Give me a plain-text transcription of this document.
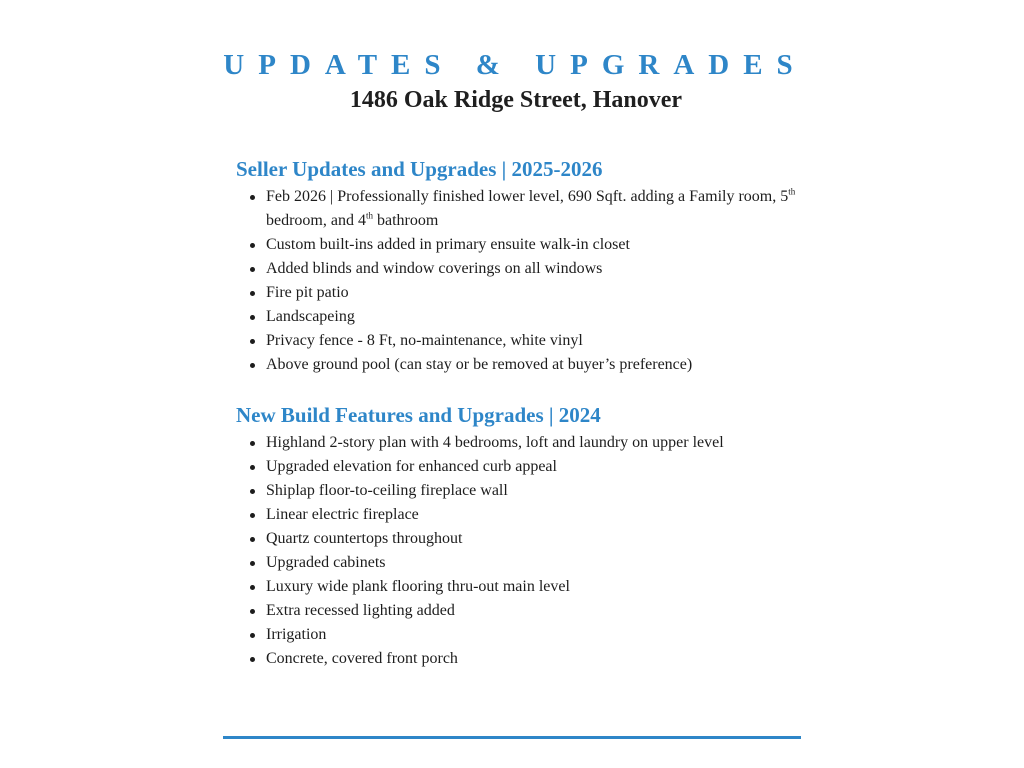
UPDATES & UPGRADES
1486 Oak Ridge Street, Hanover
Seller Updates and Upgrades | 2025-2026
Feb 2026 | Professionally finished lower level, 690 Sqft. adding a Family room, 5th bedroom, and 4th bathroom
Custom built-ins added in primary ensuite walk-in closet
Added blinds and window coverings on all windows
Fire pit patio
Landscapeing
Privacy fence - 8 Ft, no-maintenance, white vinyl
Above ground pool (can stay or be removed at buyer’s preference)
New Build Features and Upgrades | 2024
Highland 2-story plan with 4 bedrooms, loft and laundry on upper level
Upgraded elevation for enhanced curb appeal
Shiplap floor-to-ceiling fireplace wall
Linear electric fireplace
Quartz countertops throughout
Upgraded cabinets
Luxury wide plank flooring thru-out main level
Extra recessed lighting added
Irrigation
Concrete, covered front porch
